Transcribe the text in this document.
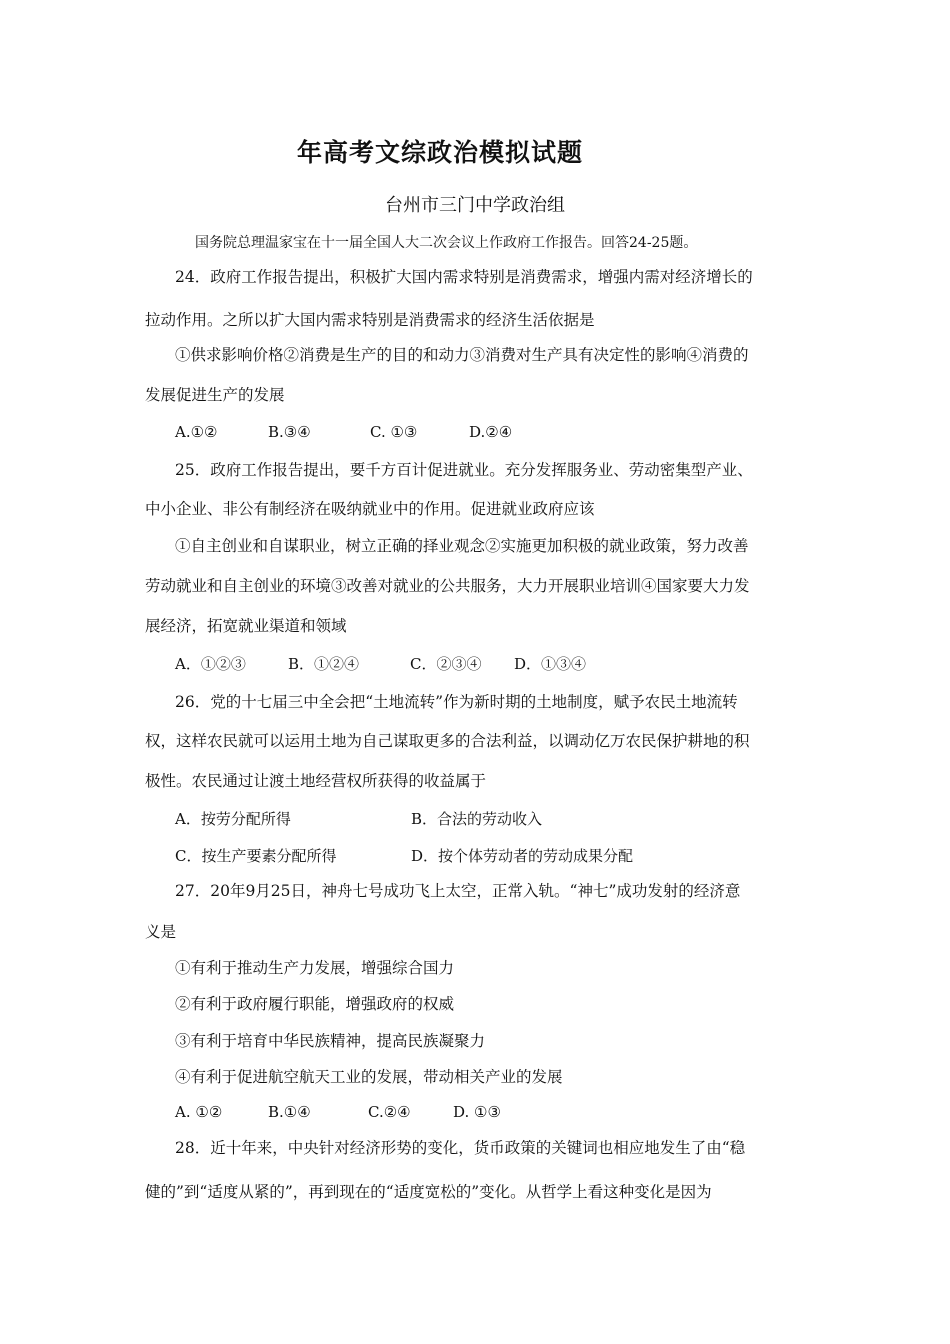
年高考文综政治模拟试题
台州市三门中学政治组
国务院总理温家宝在十一届全国人大二次会议上作政府工作报告。回答24-25题。
24．政府工作报告提出，积极扩大国内需求特别是消费需求，增强内需对经济增长的
拉动作用。之所以扩大国内需求特别是消费需求的经济生活依据是
①供求影响价格②消费是生产的目的和动力③消费对生产具有决定性的影响④消费的
发展促进生产的发展
A.①②	B.③④	C. ①③	D.②④
25．政府工作报告提出，要千方百计促进就业。充分发挥服务业、劳动密集型产业、
中小企业、非公有制经济在吸纳就业中的作用。促进就业政府应该
①自主创业和自谋职业，树立正确的择业观念②实施更加积极的就业政策，努力改善
劳动就业和自主创业的环境③改善对就业的公共服务，大力开展职业培训④国家要大力发
展经济，拓宽就业渠道和领域
A．①②③	B．①②④	C．②③④ D．①③④
26．党的十七届三中全会把“土地流转”作为新时期的土地制度，赋予农民土地流转
权，这样农民就可以运用土地为自己谋取更多的合法利益，以调动亿万农民保护耕地的积
极性。农民通过让渡土地经营权所获得的收益属于
A．按劳分配所得	B．合法的劳动收入
C．按生产要素分配所得	D．按个体劳动者的劳动成果分配
27．20年9月25日，神舟七号成功飞上太空，正常入轨。“神七”成功发射的经济意
义是
①有利于推动生产力发展，增强综合国力
②有利于政府履行职能，增强政府的权威
③有利于培育中华民族精神，提高民族凝聚力
④有利于促进航空航天工业的发展，带动相关产业的发展
A. ①②	B.①④	C.②④	D. ①③
28．近十年来，中央针对经济形势的变化，货币政策的关键词也相应地发生了由“稳
健的”到“适度从紧的”，再到现在的“适度宽松的”变化。从哲学上看这种变化是因为
